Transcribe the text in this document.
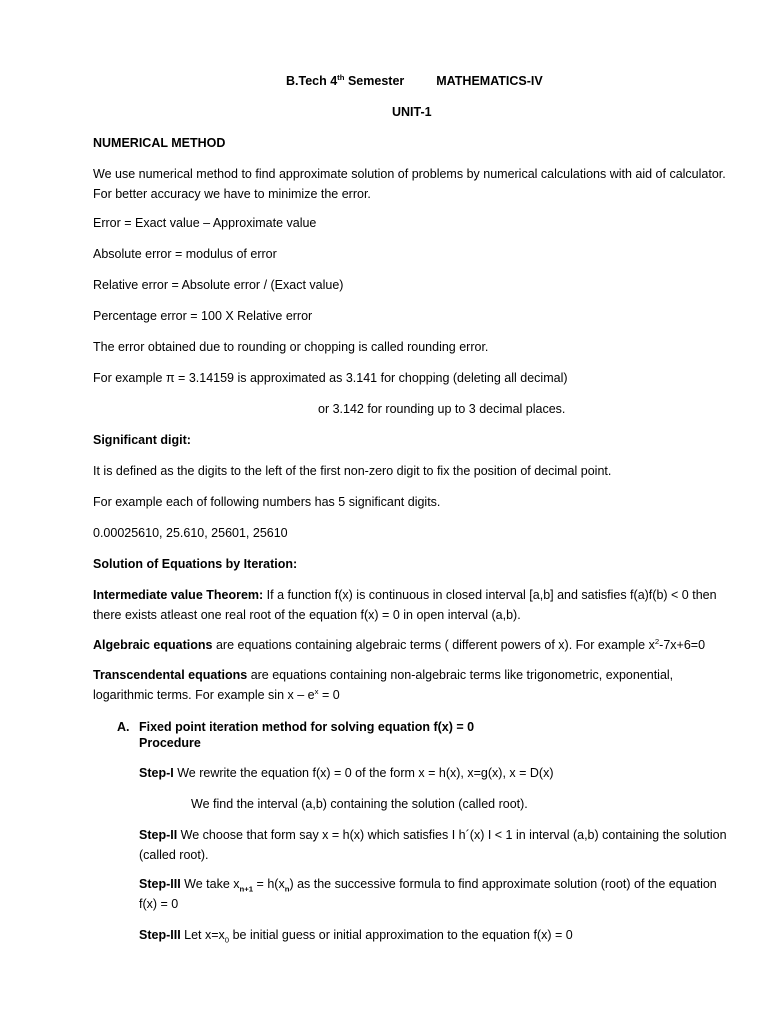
B.Tech 4th Semester	MATHEMATICS-IV
UNIT-1
NUMERICAL METHOD
We use numerical method to find approximate solution of problems by numerical calculations with aid of calculator. For better accuracy we have to minimize the error.
Error = Exact value – Approximate value
Absolute error = modulus of error
Relative error = Absolute error / (Exact value)
Percentage error = 100 X Relative error
The error obtained due to rounding or chopping is called rounding error.
For example π = 3.14159 is approximated as 3.141 for chopping (deleting all decimal)
or 3.142 for rounding up to 3 decimal places.
Significant digit:
It is defined as the digits to the left of the first non-zero digit to fix the position of decimal point.
For example each of following numbers has 5 significant digits.
0.00025610, 25.610, 25601, 25610
Solution of Equations by Iteration:
Intermediate value Theorem: If a function f(x) is continuous in closed interval [a,b] and satisfies f(a)f(b) < 0 then there exists atleast one real root of the equation f(x) = 0 in open interval (a,b).
Algebraic equations are equations containing algebraic terms ( different powers of x). For example $x^2-7x+6=0$
Transcendental equations are equations containing non-algebraic terms like trigonometric, exponential, logarithmic terms. For example $\sin x - e^x = 0$
A. Fixed point iteration method for solving equation f(x) = 0
Procedure
Step-I We rewrite the equation f(x) = 0 of the form x = h(x), x=g(x), x = D(x)
We find the interval (a,b) containing the solution (called root).
Step-II We choose that form say x = h(x) which satisfies I h´(x) I < 1 in interval (a,b) containing the solution (called root).
Step-III We take $x_{n+1} = h(x_n)$ as the successive formula to find approximate solution (root) of the equation f(x) = 0
Step-III Let $x=x_0$ be initial guess or initial approximation to the equation f(x) = 0
